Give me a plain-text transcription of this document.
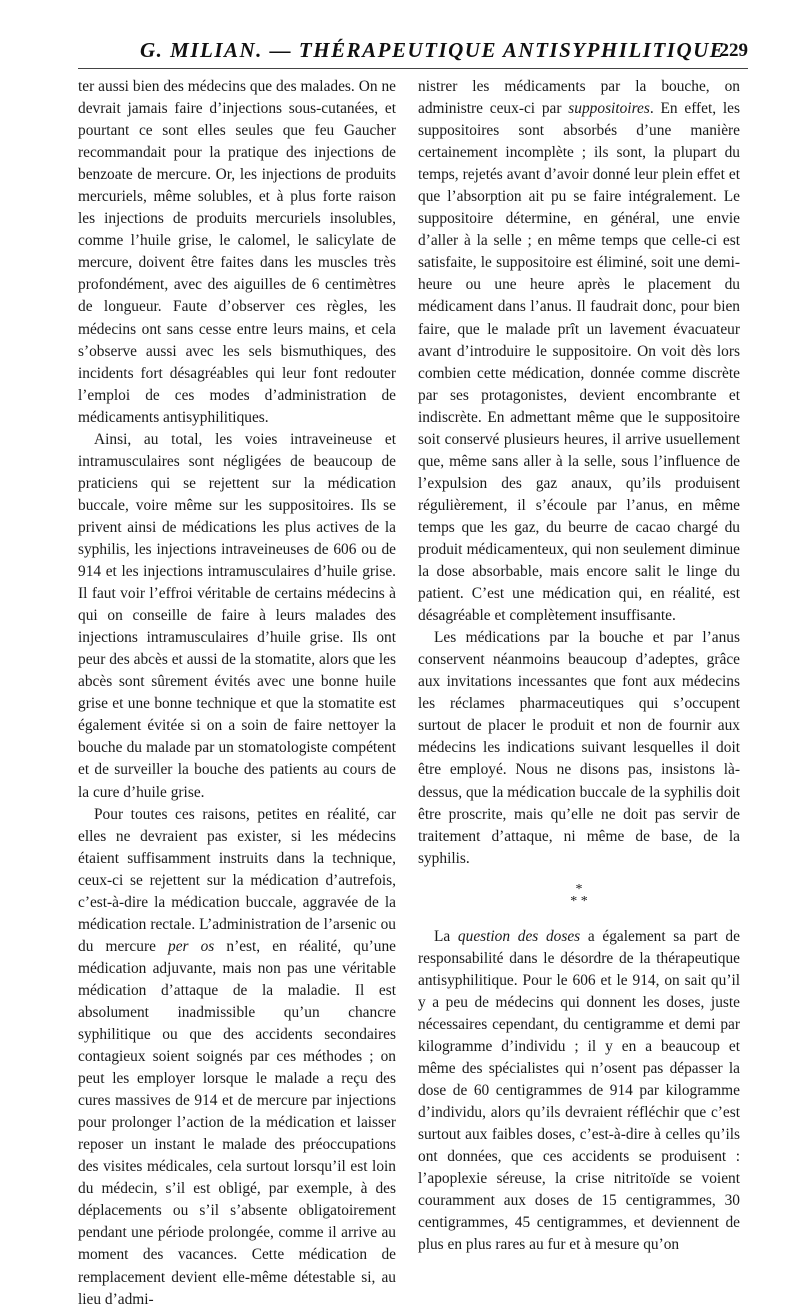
G. MILIAN. — THÉRAPEUTIQUE ANTISYPHILITIQUE
229

ter aussi bien des médecins que des malades. On ne devrait jamais faire d’injections sous-cutanées, et pourtant ce sont elles seules que feu Gaucher recommandait pour la pratique des injections de benzoate de mercure. Or, les injections de produits mercuriels, même solubles, et à plus forte raison les injections de produits mercuriels insolubles, comme l’huile grise, le calomel, le salicylate de mercure, doivent être faites dans les muscles très profondément, avec des aiguilles de 6 centimètres de longueur. Faute d’observer ces règles, les médecins ont sans cesse entre leurs mains, et cela s’observe aussi avec les sels bismuthiques, des incidents fort désagréables qui leur font redouter l’emploi de ces modes d’administration de médicaments antisyphilitiques.

Ainsi, au total, les voies intraveineuse et intramusculaires sont négligées de beaucoup de praticiens qui se rejettent sur la médication buccale, voire même sur les suppositoires. Ils se privent ainsi de médications les plus actives de la syphilis, les injections intraveineuses de 606 ou de 914 et les injections intramusculaires d’huile grise. Il faut voir l’effroi véritable de certains médecins à qui on conseille de faire à leurs malades des injections intramusculaires d’huile grise. Ils ont peur des abcès et aussi de la stomatite, alors que les abcès sont sûrement évités avec une bonne huile grise et une bonne technique et que la stomatite est également évitée si on a soin de faire nettoyer la bouche du malade par un stomatologiste compétent et de surveiller la bouche des patients au cours de la cure d’huile grise.

Pour toutes ces raisons, petites en réalité, car elles ne devraient pas exister, si les médecins étaient suffisamment instruits dans la technique, ceux-ci se rejettent sur la médication d’autrefois, c’est-à-dire la médication buccale, aggravée de la médication rectale. L’administration de l’arsenic ou du mercure per os n’est, en réalité, qu’une médication adjuvante, mais non pas une véritable médication d’attaque de la maladie. Il est absolument inadmissible qu’un chancre syphilitique ou que des accidents secondaires contagieux soient soignés par ces méthodes ; on peut les employer lorsque le malade a reçu des cures massives de 914 et de mercure par injections pour prolonger l’action de la médication et laisser reposer un instant le malade des préoccupations des visites médicales, cela surtout lorsqu’il est loin du médecin, s’il est obligé, par exemple, à des déplacements ou s’il s’absente obligatoirement pendant une période prolongée, comme il arrive au moment des vacances. Cette médication de remplacement devient elle-même détestable si, au lieu d’admi-

nistrer les médicaments par la bouche, on administre ceux-ci par suppositoires. En effet, les suppositoires sont absorbés d’une manière certainement incomplète ; ils sont, la plupart du temps, rejetés avant d’avoir donné leur plein effet et que l’absorption ait pu se faire intégralement. Le suppositoire détermine, en général, une envie d’aller à la selle ; en même temps que celle-ci est satisfaite, le suppositoire est éliminé, soit une demi-heure ou une heure après le placement du médicament dans l’anus. Il faudrait donc, pour bien faire, que le malade prît un lavement évacuateur avant d’introduire le suppositoire. On voit dès lors combien cette médication, donnée comme discrète par ses protagonistes, devient encombrante et indiscrète. En admettant même que le suppositoire soit conservé plusieurs heures, il arrive usuellement que, même sans aller à la selle, sous l’influence de l’expulsion des gaz anaux, qu’ils produisent régulièrement, il s’écoule par l’anus, en même temps que les gaz, du beurre de cacao chargé du produit médicamenteux, qui non seulement diminue la dose absorbable, mais encore salit le linge du patient. C’est une médication qui, en réalité, est désagréable et complètement insuffisante.

Les médications par la bouche et par l’anus conservent néanmoins beaucoup d’adeptes, grâce aux invitations incessantes que font aux médecins les réclames pharmaceutiques qui s’occupent surtout de placer le produit et non de fournir aux médecins les indications suivant lesquelles il doit être employé. Nous ne disons pas, insistons là-dessus, que la médication buccale de la syphilis doit être proscrite, mais qu’elle ne doit pas servir de traitement d’attaque, ni même de base, de la syphilis.

*
* *

La question des doses a également sa part de responsabilité dans le désordre de la thérapeutique antisyphilitique. Pour le 606 et le 914, on sait qu’il y a peu de médecins qui donnent les doses, juste nécessaires cependant, du centigramme et demi par kilogramme d’individu ; il y en a beaucoup et même des spécialistes qui n’osent pas dépasser la dose de 60 centigrammes de 914 par kilogramme d’individu, alors qu’ils devraient réfléchir que c’est surtout aux faibles doses, c’est-à-dire à celles qu’ils ont données, que ces accidents se produisent : l’apoplexie séreuse, la crise nitritoïde se voient couramment aux doses de 15 centigrammes, 30 centigrammes, 45 centigrammes, et deviennent de plus en plus rares au fur et à mesure qu’on
